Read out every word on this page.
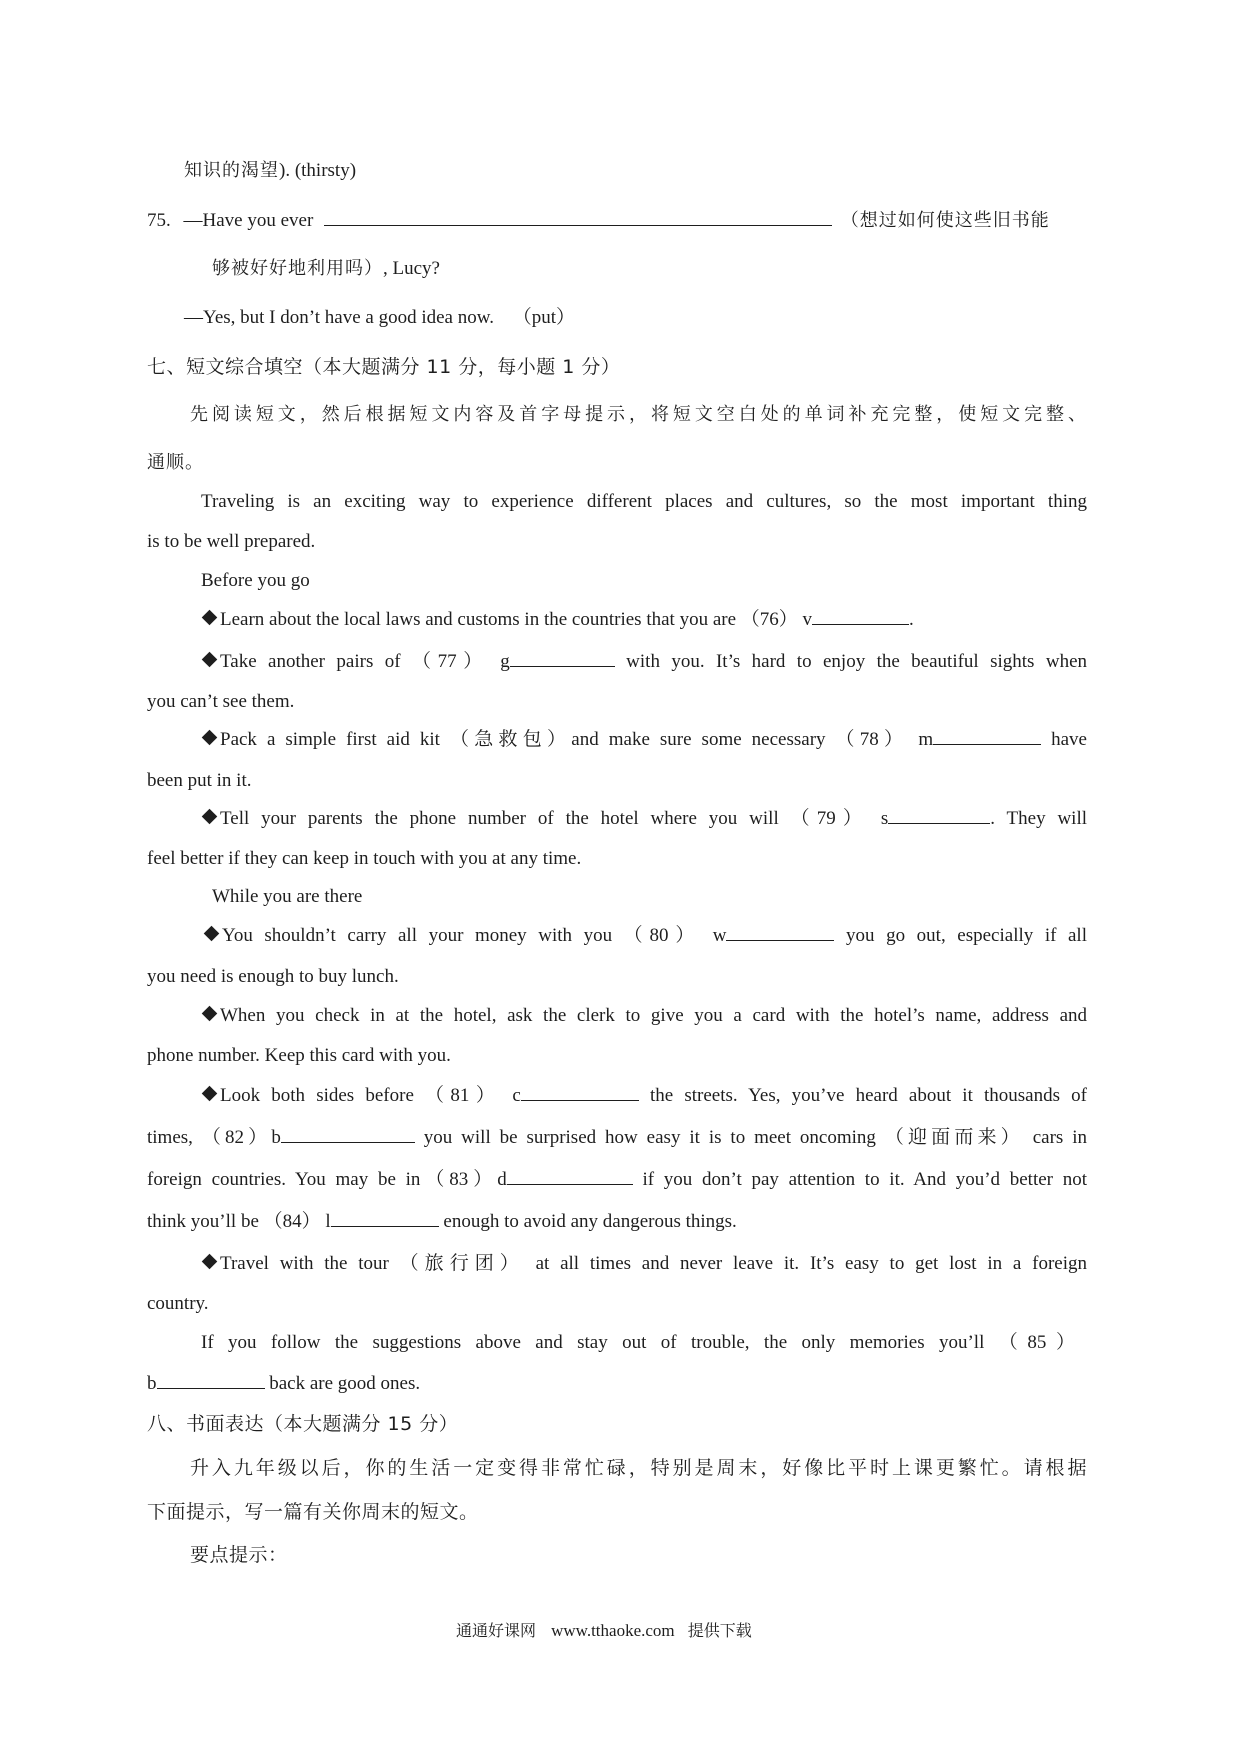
知识的渴望). (thirsty)
75. —Have you ever	（想过如何使这些旧书能
够被好好地利用吗）, Lucy?
—Yes, but I don’t have a good idea now. （put）
七、短文综合填空（本大题满分 11 分，每小题 1 分）
先阅读短文，然后根据短文内容及首字母提示，将短文空白处的单词补充完整，使短文完整、
通顺。
Traveling is an exciting way to experience different places and cultures, so the most important thing
is to be well prepared.
Before you go
Learn about the local laws and customs in the countries that you are （76） v	.
Take another pairs of （77） g	with you. It’s hard to enjoy the beautiful sights when
you can’t see them.
Pack a simple first aid kit （急救包）and make sure some necessary （78） m	have
been put in it.
Tell your parents the phone number of the hotel where you will （79） s	. They will
feel better if they can keep in touch with you at any time.
While you are there
You shouldn’t carry all your money with you （80） w	you go out, especially if all
you need is enough to buy lunch.
When you check in at the hotel, ask the clerk to give you a card with the hotel’s name, address and
phone number. Keep this card with you.
Look both sides before （81） c	the streets. Yes, you’ve heard about it thousands of
times, （82）b	you will be surprised how easy it is to meet oncoming （迎面而来） cars in
foreign countries. You may be in（83）d	if you don’t pay attention to it. And you’d better not
think you’ll be （84） l	enough to avoid any dangerous things.
Travel with the tour （旅行团） at all times and never leave it. It’s easy to get lost in a foreign
country.
If you follow the suggestions above and stay out of trouble, the only memories you’ll （85）
b	back are good ones.
八、书面表达（本大题满分 15 分）
升入九年级以后，你的生活一定变得非常忙碌，特别是周末，好像比平时上课更繁忙。请根据
下面提示，写一篇有关你周末的短文。
要点提示：
通通好课网 www.tthaoke.com 提供下载
